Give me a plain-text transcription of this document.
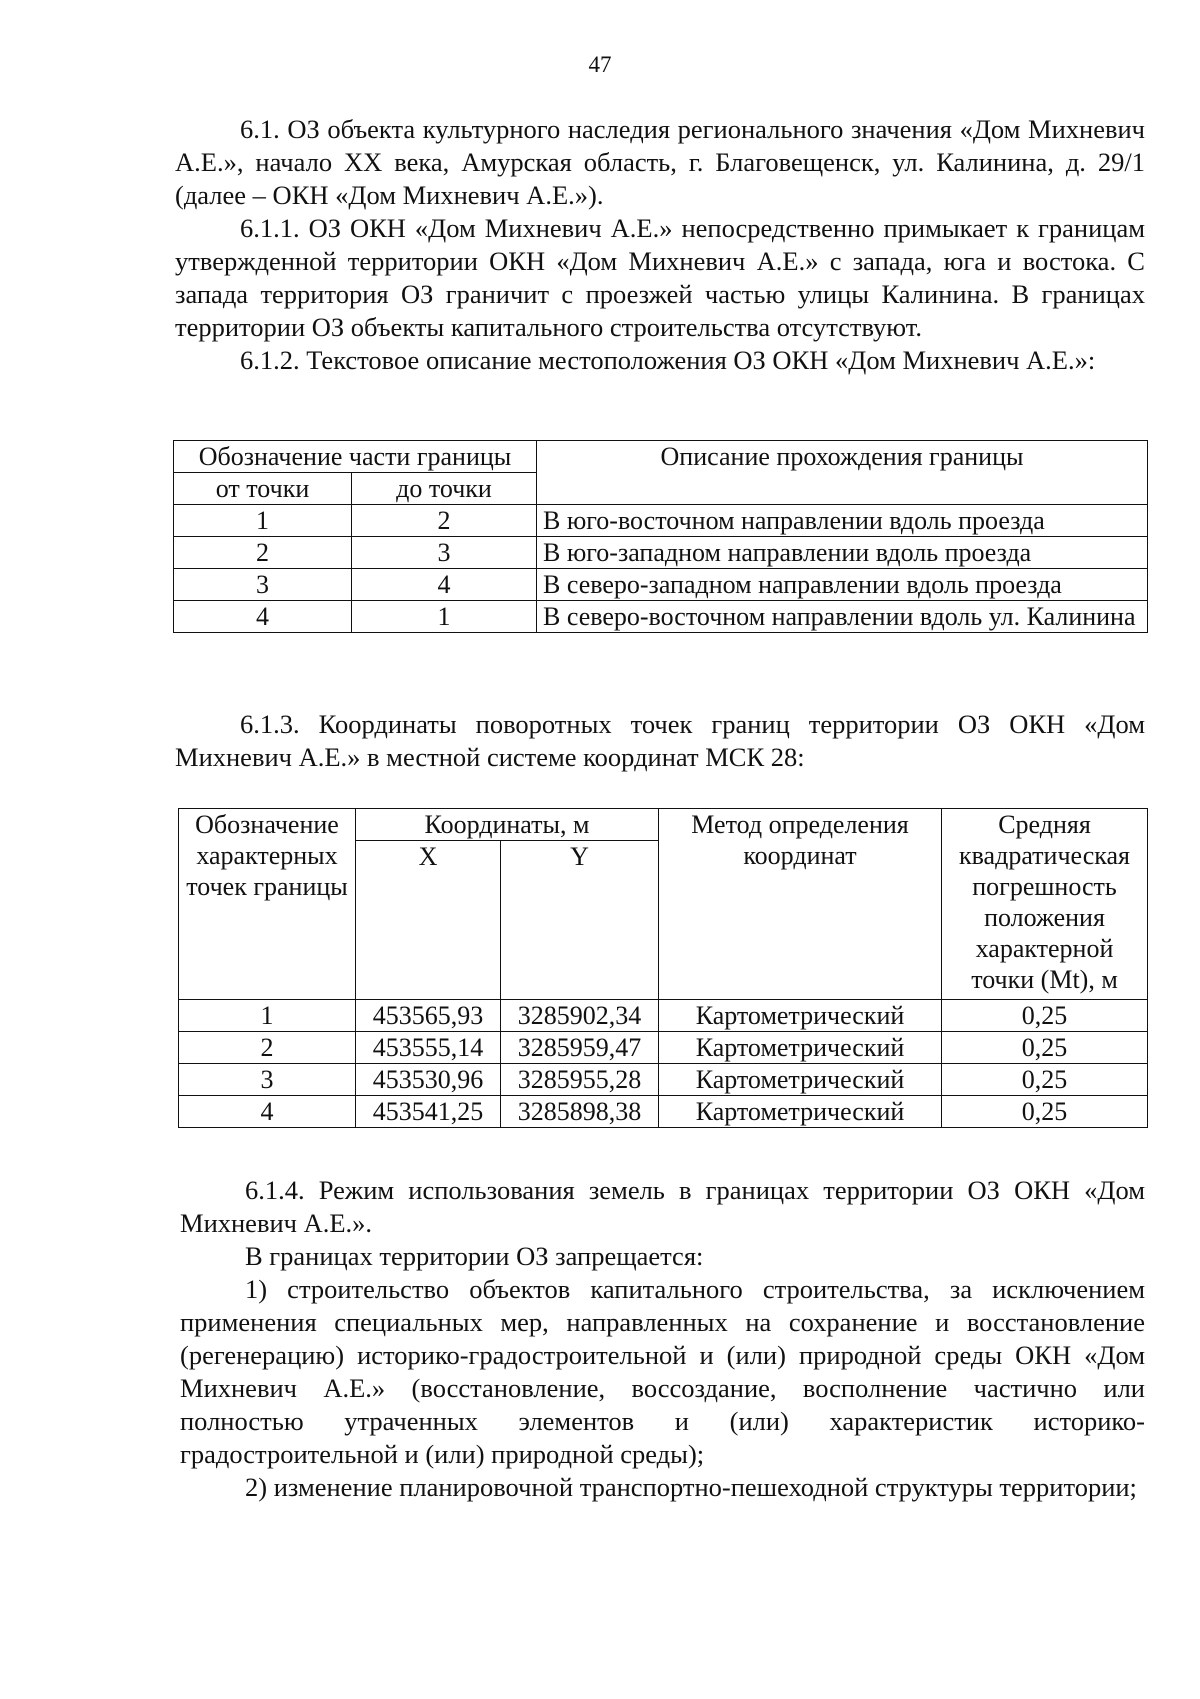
47

6.1. ОЗ объекта культурного наследия регионального значения «Дом Михневич А.Е.», начало XX века, Амурская область, г. Благовещенск, ул. Калинина, д. 29/1 (далее – ОКН «Дом Михневич А.Е.»).

6.1.1. ОЗ ОКН «Дом Михневич А.Е.» непосредственно примыкает к границам утвержденной территории ОКН «Дом Михневич А.Е.» с запада, юга и востока. С запада территория ОЗ граничит с проезжей частью улицы Калинина. В границах территории ОЗ объекты капитального строительства отсутствуют.

6.1.2. Текстовое описание местоположения ОЗ ОКН «Дом Михневич А.Е.»:

Обозначение части границы		Описание прохождения границы
от точки	до точки	
1	2	В юго-восточном направлении вдоль проезда
2	3	В юго-западном направлении вдоль проезда
3	4	В северо-западном направлении вдоль проезда
4	1	В северо-восточном направлении вдоль ул. Калинина

6.1.3. Координаты поворотных точек границ территории ОЗ ОКН «Дом Михневич А.Е.» в местной системе координат МСК 28:

Обозначение характерных точек границы	Координаты, м		Метод определения координат	Средняя квадратическая погрешность положения характерной точки (Mt), м
	X	Y		
1	453565,93	3285902,34	Картометрический	0,25
2	453555,14	3285959,47	Картометрический	0,25
3	453530,96	3285955,28	Картометрический	0,25
4	453541,25	3285898,38	Картометрический	0,25

6.1.4. Режим использования земель в границах территории ОЗ ОКН «Дом Михневич А.Е.».

В границах территории ОЗ запрещается:

1) строительство объектов капитального строительства, за исключением применения специальных мер, направленных на сохранение и восстановление (регенерацию) историко-градостроительной и (или) природной среды ОКН «Дом Михневич А.Е.» (восстановление, воссоздание, восполнение частично или полностью утраченных элементов и (или) характеристик историко-градостроительной и (или) природной среды);

2) изменение планировочной транспортно-пешеходной структуры территории;
